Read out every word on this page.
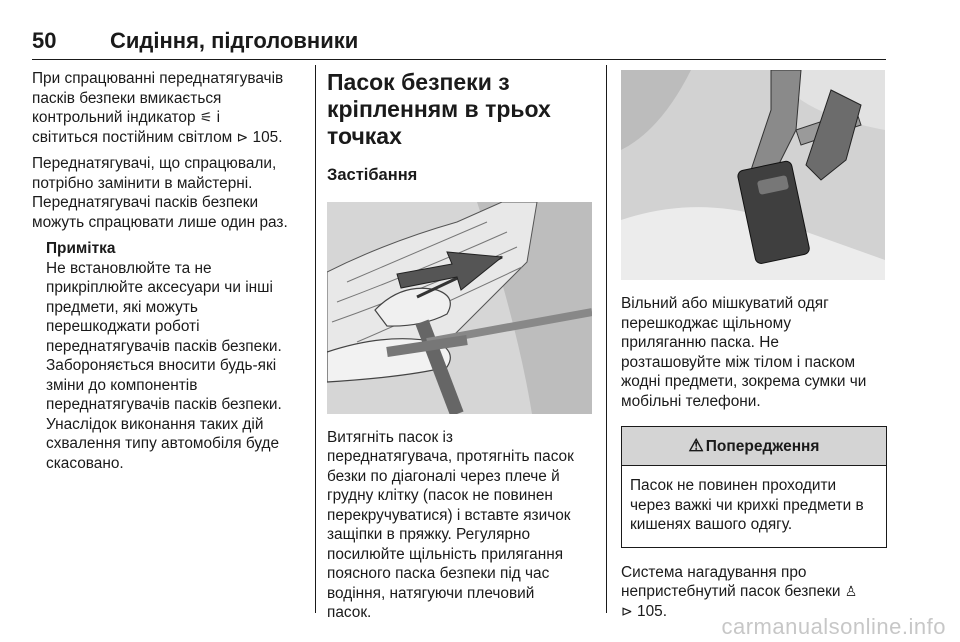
50 Сидіння, підголовники

При спрацюванні переднатягувачів

пасків безпеки вмикається

контрольний індикатор ⚟ і

світиться постійним світлом ⊳ 105.

Переднатягувачі, що спрацювали,

потрібно замінити в майстерні.

Переднатягувачі пасків безпеки

можуть спрацювати лише один раз.

Примітка

Не встановлюйте та не

прикріплюйте аксесуари чи інші

предмети, які можуть

перешкоджати роботі

переднатягувачів пасків безпеки.

Забороняється вносити будь-які

зміни до компонентів

переднатягувачів пасків безпеки.

Унаслідок виконання таких дій

схвалення типу автомобіля буде

скасовано.

Пасок безпеки з

кріпленням в трьох точках

Застібання

Витягніть пасок із

переднатягувача, протягніть пасок

безки по діагоналі через плече й

грудну клітку (пасок не повинен

перекручуватися) і вставте язичок

защіпки в пряжку. Регулярно

посилюйте щільність прилягання

поясного паска безпеки під час

водіння, натягуючи плечовий

пасок.

Вільний або мішкуватий одяг

перешкоджає щільному

приляганню паска. Не

розташовуйте між тілом і паском

жодні предмети, зокрема сумки чи

мобільні телефони.

⚠ Попередження

Пасок не повинен проходити

через важкі чи крихкі предмети в

кишенях вашого одягу.

Система нагадування про

непристебнутий пасок безпеки ♙

⊳ 105.

carmanualsonline.info
